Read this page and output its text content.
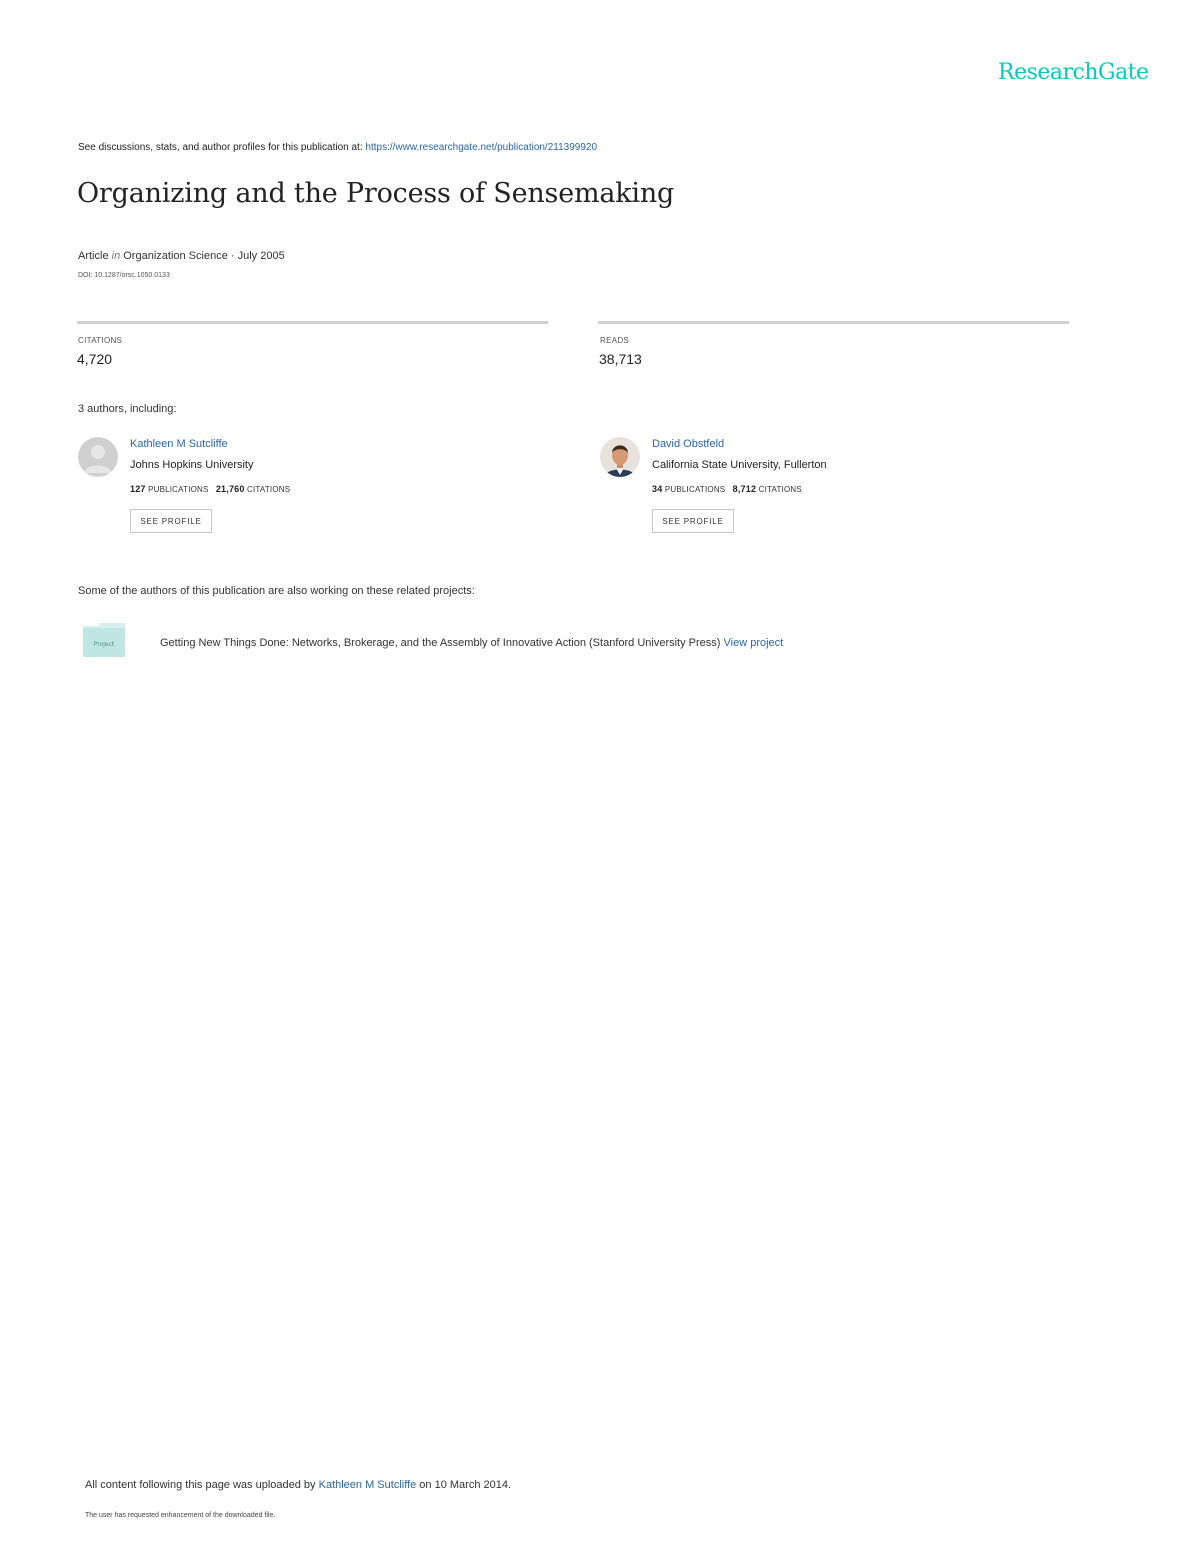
ResearchGate
See discussions, stats, and author profiles for this publication at: https://www.researchgate.net/publication/211399920
Organizing and the Process of Sensemaking
Article in Organization Science · July 2005
DOI: 10.1287/orsc.1050.0133
CITATIONS
4,720
READS
38,713
3 authors, including:
Kathleen M Sutcliffe
Johns Hopkins University
127 PUBLICATIONS 21,760 CITATIONS
SEE PROFILE
David Obstfeld
California State University, Fullerton
34 PUBLICATIONS 8,712 CITATIONS
SEE PROFILE
Some of the authors of this publication are also working on these related projects:
Project	Getting New Things Done: Networks, Brokerage, and the Assembly of Innovative Action (Stanford University Press) View project
All content following this page was uploaded by Kathleen M Sutcliffe on 10 March 2014.
The user has requested enhancement of the downloaded file.
